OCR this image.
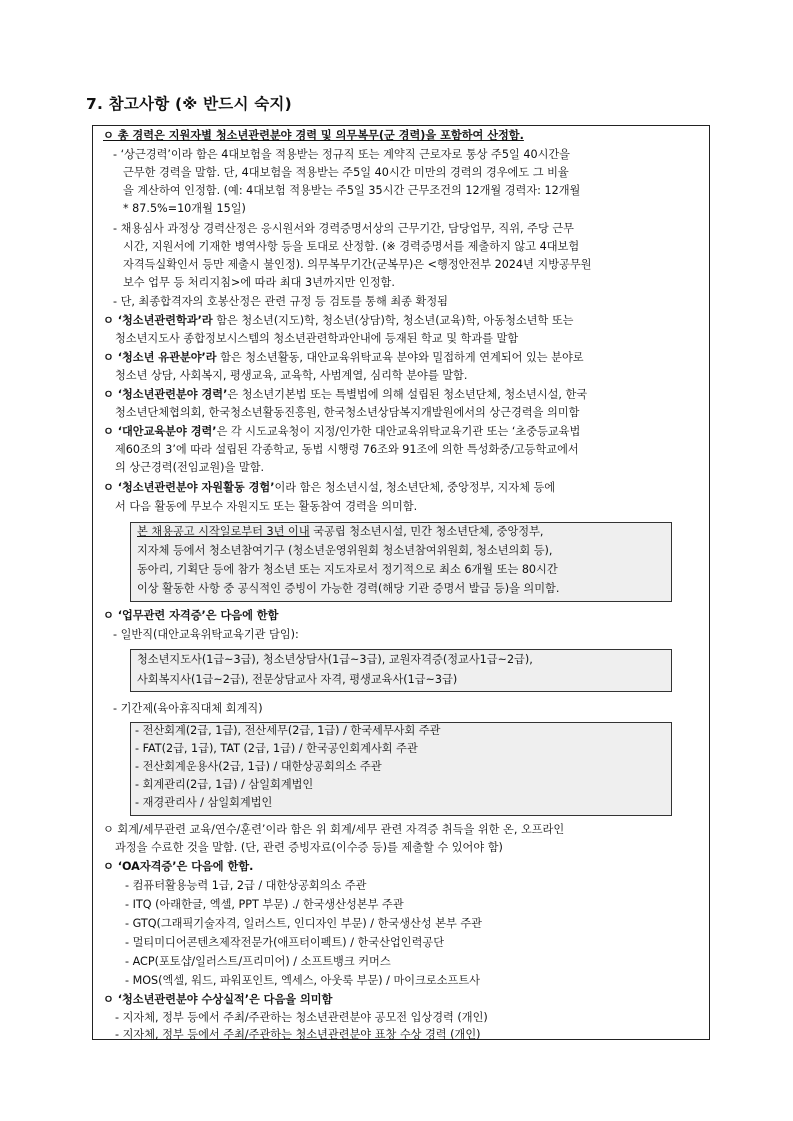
7. 참고사항 (※ 반드시 숙지)
ㅇ 총 경력은 지원자별 청소년관련분야 경력 및 의무복무(군 경력)을 포함하여 산정함.
- ‘상근경력’이라 함은 4대보험을 적용받는 정규직 또는 계약직 근로자로 통상 주5일 40시간을
근무한 경력을 말함. 단, 4대보험을 적용받는 주5일 40시간 미만의 경력의 경우에도 그 비율
을 계산하여 인정함. (예: 4대보험 적용받는 주5일 35시간 근무조건의 12개월 경력자: 12개월
* 87.5%=10개월 15일)
- 채용심사 과정상 경력산정은 응시원서와 경력증명서상의 근무기간, 담당업무, 직위, 주당 근무
시간, 지원서에 기재한 병역사항 등을 토대로 산정함. (※ 경력증명서를 제출하지 않고 4대보험
자격득실확인서 등만 제출시 불인정). 의무복무기간(군복무)은 <행정안전부 2024년 지방공무원
보수 업무 등 처리지침>에 따라 최대 3년까지만 인정함.
- 단, 최종합격자의 호봉산정은 관련 규정 등 검토를 통해 최종 확정됨
ㅇ ‘청소년관련학과’라 함은 청소년(지도)학, 청소년(상담)학, 청소년(교육)학, 아동청소년학 또는
청소년지도사 종합정보시스템의 청소년관련학과안내에 등재된 학교 및 학과를 말함
ㅇ ‘청소년 유관분야’라 함은 청소년활동, 대안교육위탁교육 분야와 밀접하게 연계되어 있는 분야로
청소년 상담, 사회복지, 평생교육, 교육학, 사범계열, 심리학 분야를 말함.
ㅇ ‘청소년관련분야 경력’은 청소년기본법 또는 특별법에 의해 설립된 청소년단체, 청소년시설, 한국
청소년단체협의회, 한국청소년활동진흥원, 한국청소년상담복지개발원에서의 상근경력을 의미함
ㅇ ‘대안교육분야 경력’은 각 시도교육청이 지정/인가한 대안교육위탁교육기관 또는 ‘초중등교육법
제60조의 3’에 따라 설립된 각종학교, 동법 시행령 76조와 91조에 의한 특성화중/고등학교에서
의 상근경력(전임교원)을 말함.
ㅇ ‘청소년관련분야 자원활동 경험’이라 함은 청소년시설, 청소년단체, 중앙정부, 지자체 등에
서 다음 활동에 무보수 자원지도 또는 활동참여 경력을 의미함.
본 채용공고 시작일로부터 3년 이내 국공립 청소년시설, 민간 청소년단체, 중앙정부,
지자체 등에서 청소년참여기구 (청소년운영위원회 청소년참여위원회, 청소년의회 등),
동아리, 기획단 등에 참가 청소년 또는 지도자로서 정기적으로 최소 6개월 또는 80시간
이상 활동한 사항 중 공식적인 증빙이 가능한 경력(해당 기관 증명서 발급 등)을 의미함.
ㅇ ‘업무관련 자격증’은 다음에 한함
- 일반직(대안교육위탁교육기관 담임):
청소년지도사(1급~3급), 청소년상담사(1급~3급), 교원자격증(정교사1급~2급),
사회복지사(1급~2급), 전문상담교사 자격, 평생교육사(1급~3급)
- 기간제(육아휴직대체 회계직)
- 전산회계(2급, 1급), 전산세무(2급, 1급) / 한국세무사회 주관
- FAT(2급, 1급), TAT (2급, 1급) / 한국공인회계사회 주관
- 전산회계운용사(2급, 1급) / 대한상공회의소 주관
- 회계관리(2급, 1급) / 삼일회계법인
- 재경관리사 / 삼일회계법인
ㅇ 회계/세무관련 교육/연수/훈련’이라 함은 위 회계/세무 관련 자격증 취득을 위한 온, 오프라인
과정을 수료한 것을 말함. (단, 관련 증빙자료(이수증 등)를 제출할 수 있어야 함)
ㅇ ‘OA자격증’은 다음에 한함.
- 컴퓨터활용능력 1급, 2급 / 대한상공회의소 주관
- ITQ (아래한글, 엑셀, PPT 부문) ./ 한국생산성본부 주관
- GTQ(그래픽기술자격, 일러스트, 인디자인 부문) / 한국생산성 본부 주관
- 멀티미디어콘텐츠제작전문가(애프터이펙트) / 한국산업인력공단
- ACP(포토샵/일러스트/프리미어) / 소프트뱅크 커머스
- MOS(엑셀, 워드, 파워포인트, 엑세스, 아웃룩 부문) / 마이크로소프트사
ㅇ ‘청소년관련분야 수상실적’은 다음을 의미함
- 지자체, 정부 등에서 주최/주관하는 청소년관련분야 공모전 입상경력 (개인)
- 지자체, 정부 등에서 주최/주관하는 청소년관련분야 표창 수상 경력 (개인)
